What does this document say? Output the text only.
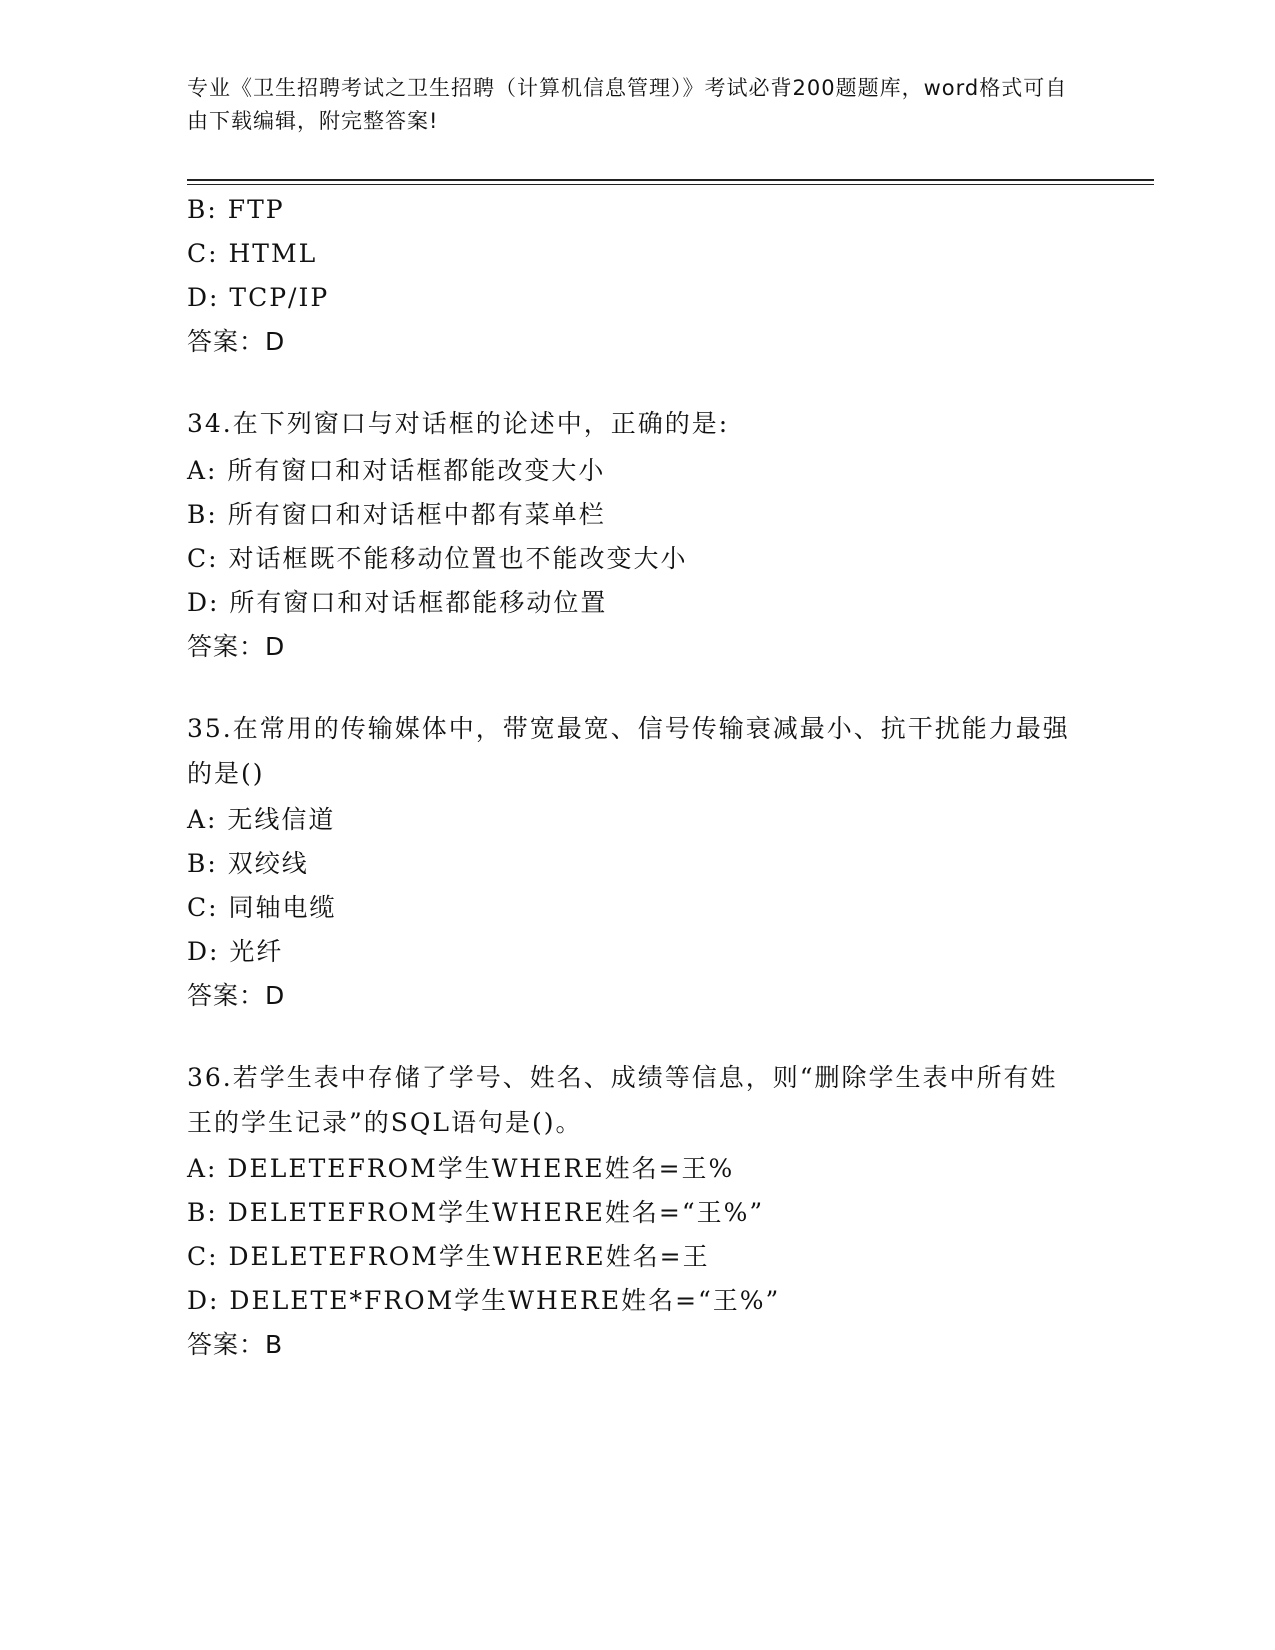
专业《卫生招聘考试之卫生招聘（计算机信息管理）》考试必背200题题库，word格式可自由下载编辑，附完整答案!
B: FTP
C: HTML
D: TCP/IP
答案：D
34.在下列窗口与对话框的论述中，正确的是:
A: 所有窗口和对话框都能改变大小
B: 所有窗口和对话框中都有菜单栏
C: 对话框既不能移动位置也不能改变大小
D: 所有窗口和对话框都能移动位置
答案：D
35.在常用的传输媒体中，带宽最宽、信号传输衰减最小、抗干扰能力最强的是()
A: 无线信道
B: 双绞线
C: 同轴电缆
D: 光纤
答案：D
36.若学生表中存储了学号、姓名、成绩等信息，则“删除学生表中所有姓王的学生记录”的SQL语句是()。
A: DELETEFROM学生WHERE姓名=王%
B: DELETEFROM学生WHERE姓名=“王%”
C: DELETEFROM学生WHERE姓名=王
D: DELETE*FROM学生WHERE姓名=“王%”
答案：B
